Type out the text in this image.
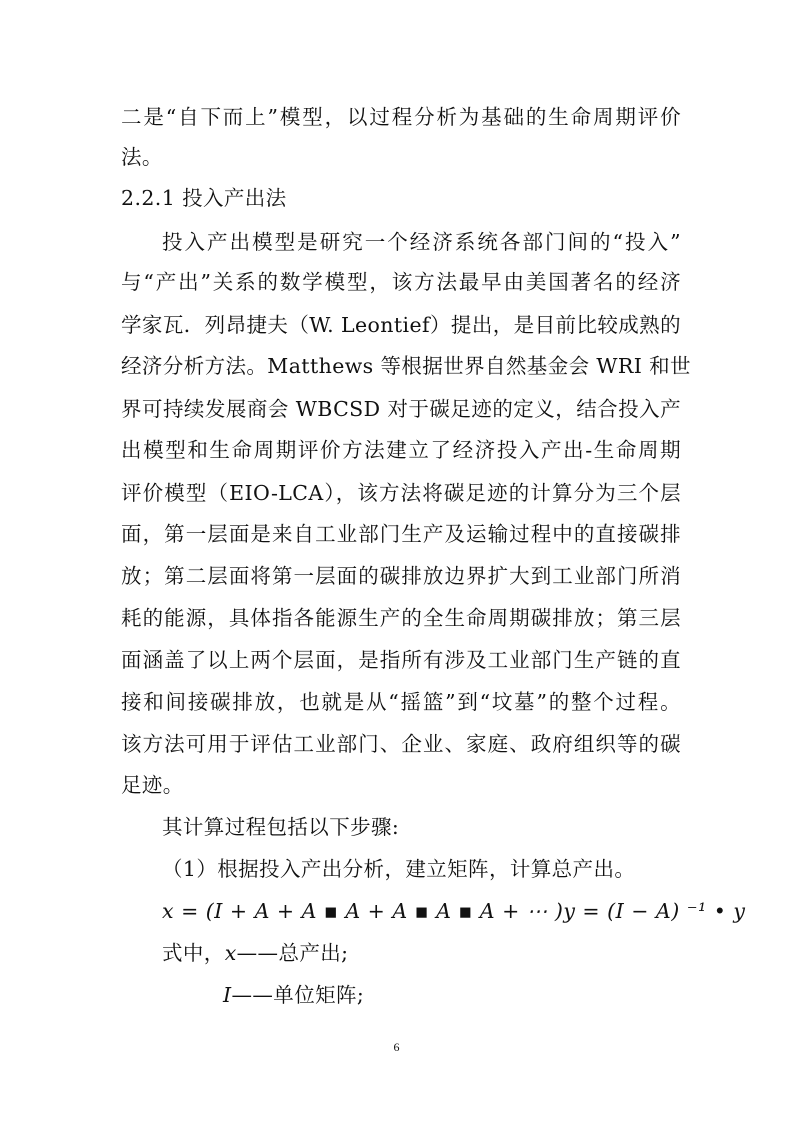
二是“自下而上”模型，以过程分析为基础的生命周期评价
法。
2.2.1 投入产出法
投入产出模型是研究一个经济系统各部门间的“投入”
与“产出”关系的数学模型，该方法最早由美国著名的经济
学家瓦．列昂捷夫（W. Leontief）提出，是目前比较成熟的
经济分析方法。Matthews 等根据世界自然基金会 WRI 和世
界可持续发展商会 WBCSD 对于碳足迹的定义，结合投入产
出模型和生命周期评价方法建立了经济投入产出-生命周期
评价模型（EIO-LCA），该方法将碳足迹的计算分为三个层
面，第一层面是来自工业部门生产及运输过程中的直接碳排
放；第二层面将第一层面的碳排放边界扩大到工业部门所消
耗的能源，具体指各能源生产的全生命周期碳排放；第三层
面涵盖了以上两个层面，是指所有涉及工业部门生产链的直
接和间接碳排放，也就是从“摇篮”到“坟墓”的整个过程。
该方法可用于评估工业部门、企业、家庭、政府组织等的碳
足迹。
其计算过程包括以下步骤:
（1）根据投入产出分析，建立矩阵，计算总产出。
𝑥 = (𝐼 + 𝐴 + 𝐴 ▪ 𝐴 + 𝐴 ▪ 𝐴 ▪ 𝐴 + ⋯ )𝑦 = (𝐼 − 𝐴) ⁻¹ • 𝑦
式中，𝑥——总产出;
𝐼——单位矩阵;
6
